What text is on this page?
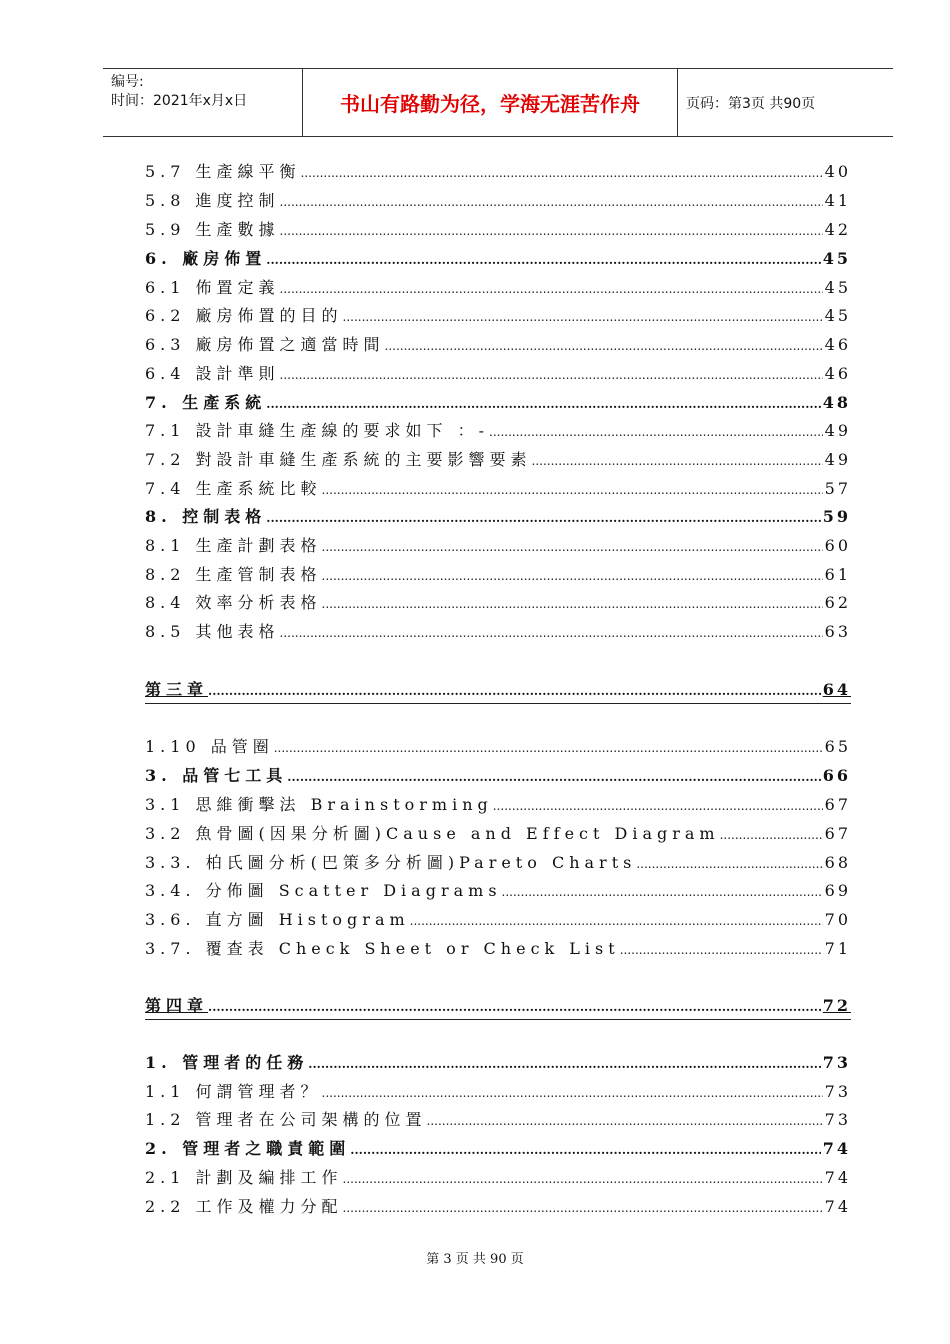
编号:
时间：2021年x月x日	书山有路勤为径，学海无涯苦作舟	页码：第3页 共90页
5.7 生產線平衡 .....	40
5.8 進度控制 .....	41
5.9 生產數據 .....	42
6. 廠房佈置 .....	45
6.1 佈置定義 .....	45
6.2 廠房佈置的目的 .....	45
6.3 廠房佈置之適當時間 .....	46
6.4 設計準則 .....	46
7. 生產系統 .....	48
7.1 設計車縫生產線的要求如下 ：- .....	49
7.2 對設計車縫生產系統的主要影響要素 .....	49
7.4 生產系統比較 .....	57
8. 控制表格 .....	59
8.1 生產計劃表格 .....	60
8.2 生產管制表格 .....	61
8.4 效率分析表格 .....	62
8.5 其他表格 .....	63
第三章 .....	64
1.10 品管圈 .....	65
3. 品管七工具 .....	66
3.1 思維衝擊法 Brainstorming .....	67
3.2 魚骨圖(因果分析圖)Cause and Effect Diagram .....	67
3.3. 柏氏圖分析(巴策多分析圖)Pareto Charts .....	68
3.4. 分佈圖 Scatter Diagrams .....	69
3.6. 直方圖 Histogram .....	70
3.7. 覆查表 Check Sheet or Check List .....	71
第四章 .....	72
1. 管理者的任務 .....	73
1.1 何謂管理者？ .....	73
1.2 管理者在公司架構的位置 .....	73
2. 管理者之職責範圍 .....	74
2.1 計劃及編排工作 .....	74
2.2 工作及權力分配 .....	74
第 3 页 共 90 页
